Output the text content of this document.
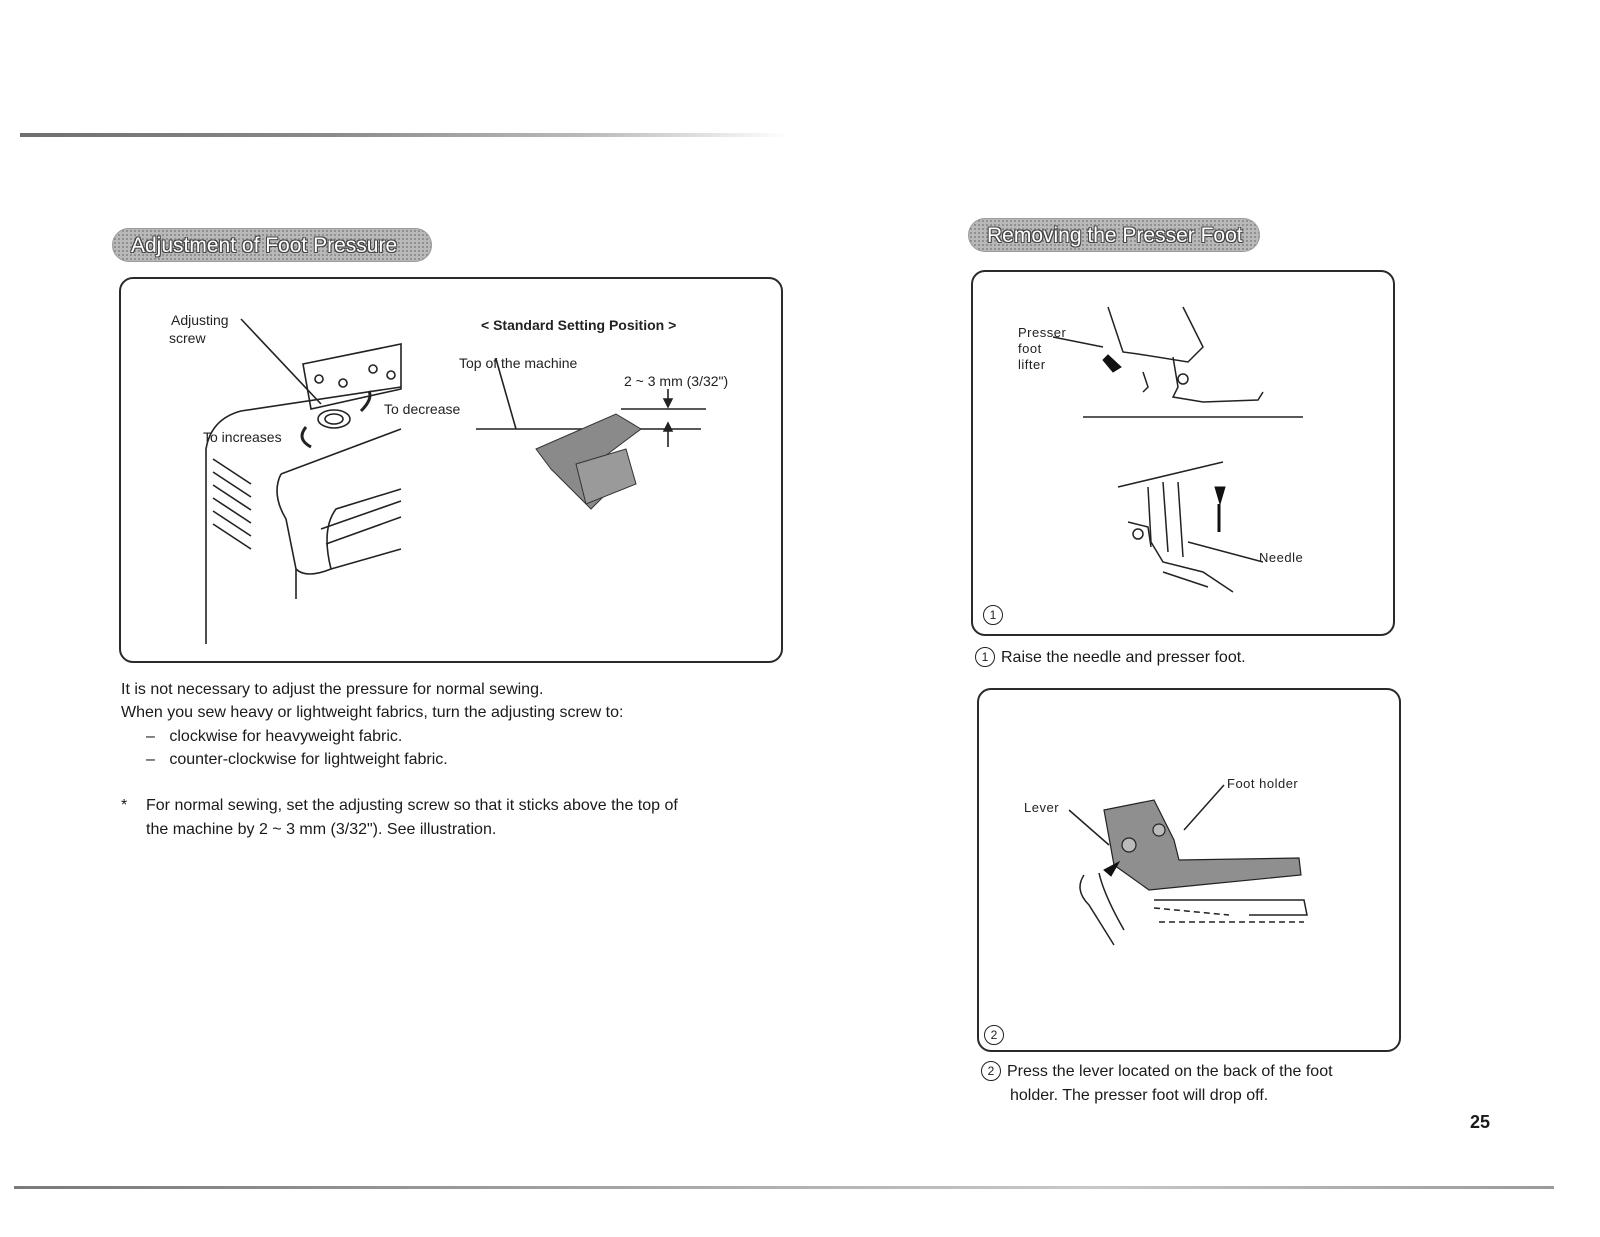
Adjustment of Foot Pressure
Adjusting
screw
To increases
To decrease
< Standard Setting Position >
Top of the machine
2 ~ 3 mm (3/32")
It is not necessary to adjust the pressure for normal sewing.
When you sew heavy or lightweight fabrics, turn the adjusting screw to:
– clockwise for heavyweight fabric.
– counter-clockwise for lightweight fabric.
* For normal sewing, set the adjusting screw so that it sticks above the top of
the machine by 2 ~ 3 mm (3/32"). See illustration.
Removing the Presser Foot
Presser
foot
lifter
Needle
1
1 Raise the needle and presser foot.
Lever
Foot holder
2
2 Press the lever located on the back of the foot
holder. The presser foot will drop off.
25
